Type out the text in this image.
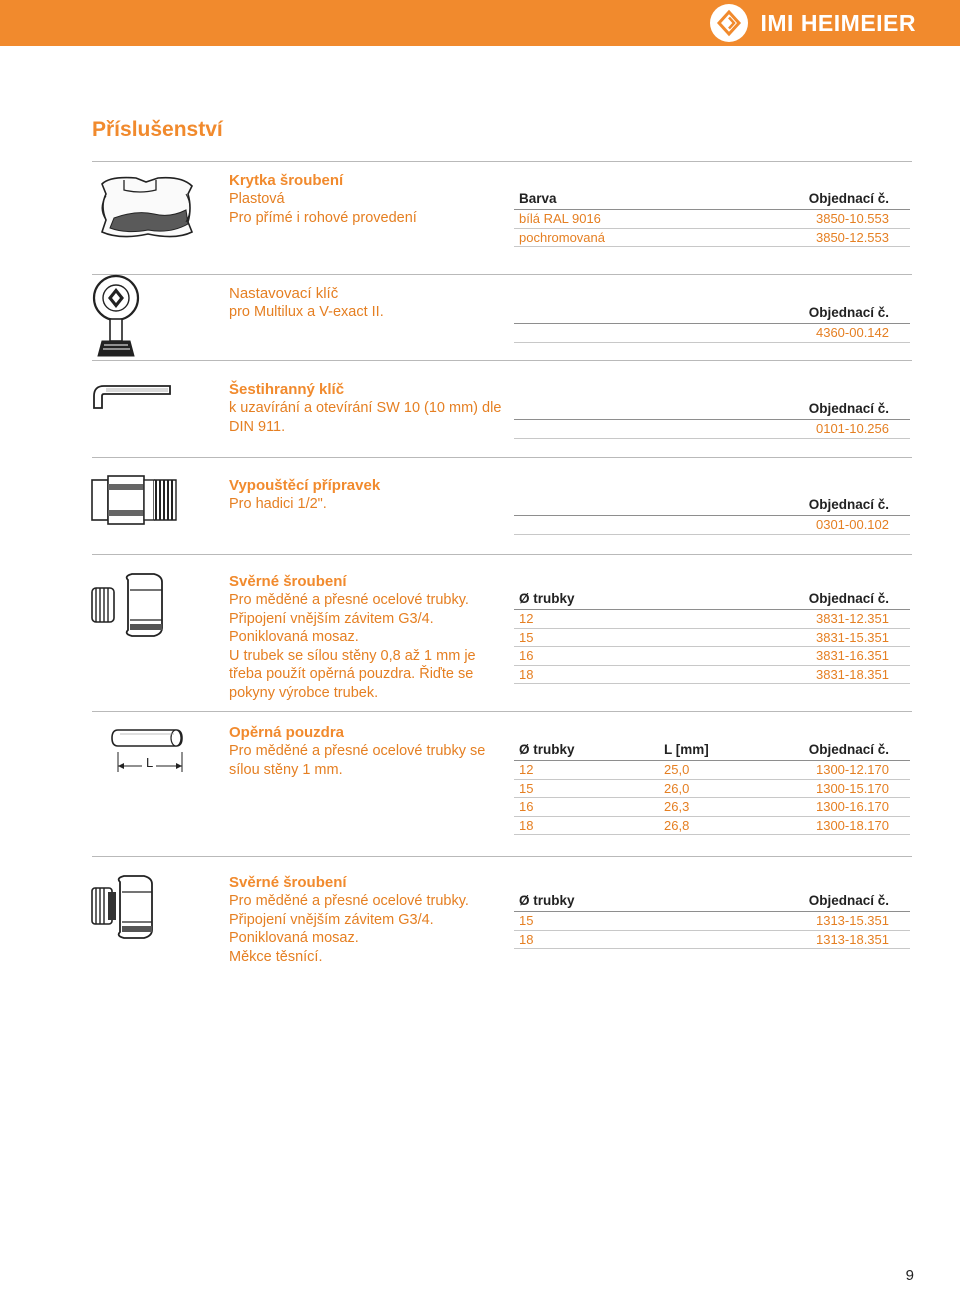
IMI HEIMEIER
Příslušenství
Krytka šroubení
Plastová
Pro přímé i rohové provedení
Barva	Objednací č.
bílá RAL 9016	3850-10.553
pochromovaná	3850-12.553
Nastavovací klíč
pro Multilux a V-exact II.	Objednací č.
4360-00.142
Šestihranný klíč
k uzavírání a otevírání SW 10 (10 mm) dle
DIN 911.
Objednací č.
0101-10.256
Vypouštěcí přípravek
Pro hadici 1/2".	Objednací č.
0301-00.102
Svěrné šroubení
Pro měděné a přesné ocelové trubky.
Připojení vnějším závitem G3/4.
Poniklovaná mosaz.
U trubek se sílou stěny 0,8 až 1 mm je
třeba použít opěrná pouzdra. Řiďte se
pokyny výrobce trubek.
Ø trubky	Objednací č.
12	3831-12.351
15	3831-15.351
16	3831-16.351
18	3831-18.351
L
Opěrná pouzdra
Pro měděné a přesné ocelové trubky se
sílou stěny 1 mm.
Ø trubky	L [mm]	Objednací č.
12	25,0	1300-12.170
15	26,0	1300-15.170
16	26,3	1300-16.170
18	26,8	1300-18.170
Svěrné šroubení
Pro měděné a přesné ocelové trubky.
Připojení vnějším závitem G3/4.
Poniklovaná mosaz.
Měkce těsnící.
Ø trubky	Objednací č.
15	1313-15.351
18	1313-18.351
9
